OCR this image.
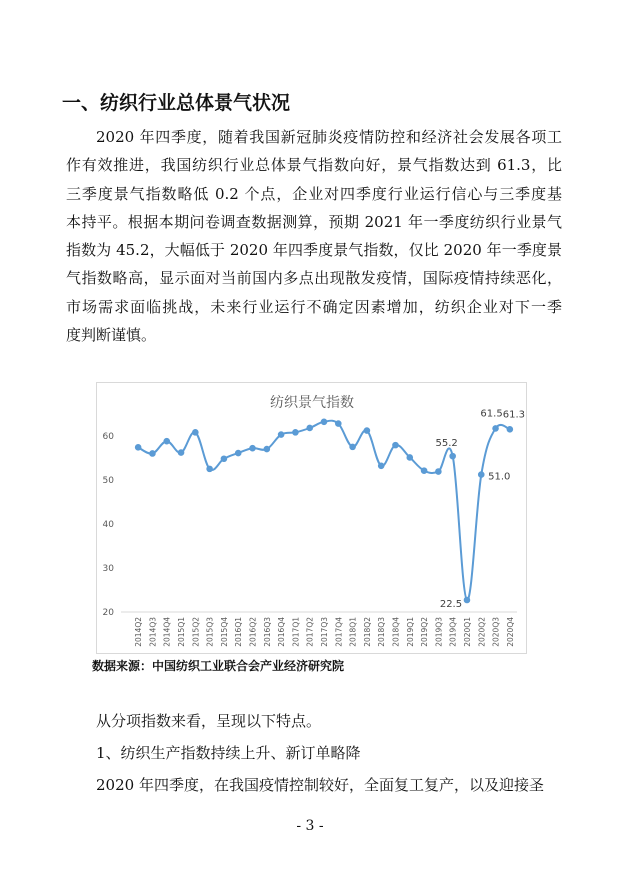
一、纺织行业总体景气状况
2020 年四季度，随着我国新冠肺炎疫情防控和经济社会发展各项工
作有效推进，我国纺织行业总体景气指数向好，景气指数达到 61.3，比
三季度景气指数略低 0.2 个点，企业对四季度行业运行信心与三季度基
本持平。根据本期问卷调查数据测算，预期 2021 年一季度纺织行业景气
指数为 45.2，大幅低于 2020 年四季度景气指数，仅比 2020 年一季度景
气指数略高，显示面对当前国内多点出现散发疫情，国际疫情持续恶化，
市场需求面临挑战，未来行业运行不确定因素增加，纺织企业对下一季
度判断谨慎。
纺织景气指数
20
30
40
50
60
2014Q2 2014Q3 2014Q4 2015Q1 2015Q2 2015Q3 2015Q4 2016Q1 2016Q2 2016Q3 2016Q4 2017Q1 2017Q2 2017Q3 2017Q4 2018Q1 2018Q2 2018Q3 2018Q4 2019Q1 2019Q2 2019Q3 2019Q4 2020Q1 2020Q2 2020Q3 2020Q4
55.2
22.5
51.0
61.5 61.3
数据来源：中国纺织工业联合会产业经济研究院
从分项指数来看，呈现以下特点。
1、纺织生产指数持续上升、新订单略降
2020 年四季度，在我国疫情控制较好，全面复工复产，以及迎接圣
- 3 -
